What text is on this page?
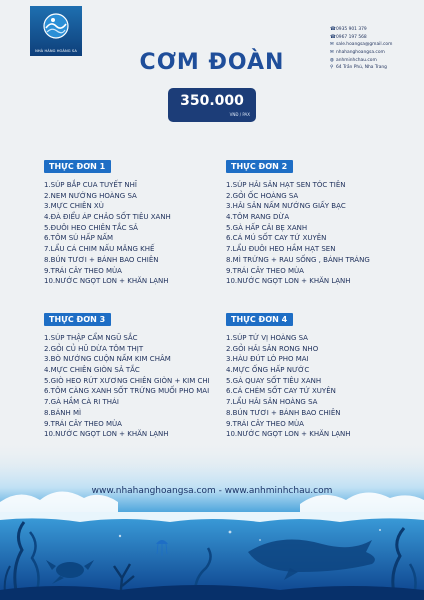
NHÀ HÀNG HOÀNG SA
☎ 0935 901 379
☎ 0967 197 568
✉ sale.hoangsa@gmail.com
✉ nhahanghoangsa.com
◍ anhminhchau.com
⚲ 64 Trần Phú, Nha Trang
CƠM ĐOÀN
350.000
VNĐ / PAX
THỰC ĐƠN 1
1.SÚP BẮP CUA TUYẾT NHĨ
2.NEM NƯỚNG HOÀNG SA
3.MỰC CHIÊN XÙ
4.ĐÀ ĐIỂU ÁP CHẢO SỐT TIÊU XANH
5.ĐUÔI HEO CHIÊN TẮC SẢ
6.TÔM SÚ HẤP NẤM
7.LẨU CÁ CHIM NẤU MĂNG KHẾ
8.BÚN TƯƠI + BÁNH BAO CHIÊN
9.TRÁI CÂY THEO MÙA
10.NƯỚC NGỌT LON + KHĂN LẠNH
THỰC ĐƠN 2
1.SÚP HẢI SẢN HẠT SEN TÓC TIÊN
2.GỎI ỐC HOÀNG SA
3.HẢI SẢN NẤM NƯỚNG GIẤY BẠC
4.TÔM RANG DỪA
5.GÀ HẤP CẢI BẸ XANH
6.CÁ MÚ SỐT CAY TỨ XUYÊN
7.LẨU ĐUÔI HEO HẦM HẠT SEN
8.MÌ TRỨNG + RAU SỐNG , BÁNH TRÁNG
9.TRÁI CÂY THEO MÙA
10.NƯỚC NGỌT LON + KHĂN LẠNH
THỰC ĐƠN 3
1.SÚP THẬP CẨM NGŨ SẮC
2.GỎI CỦ HŨ DỪA TÔM THỊT
3.BÒ NƯỚNG CUỘN NẤM KIM CHÂM
4.MỰC CHIÊN GIÒN SẢ TẮC
5.GIÒ HEO RÚT XƯƠNG CHIÊN GIÒN + KIM CHI
6.TÔM CÀNG XANH SỐT TRỨNG MUỐI PHO MAI
7.GÀ HẦM CÀ RI THÁI
8.BÁNH MÌ
9.TRÁI CÂY THEO MÙA
10.NƯỚC NGỌT LON + KHĂN LẠNH
THỰC ĐƠN 4
1.SÚP TỨ VỊ HOÀNG SA
2.GỎI HẢI SẢN RONG NHO
3.HÀU ĐÚT LÒ PHO MAI
4.MỰC ỐNG HẤP NƯỚC
5.GÀ QUAY SỐT TIÊU XANH
6.CÁ CHÉM SỐT CAY TỨ XUYÊN
7.LẨU HẢI SẢN HOÀNG SA
8.BÚN TƯƠI + BÁNH BAO CHIÊN
9.TRÁI CÂY THEO MÙA
10.NƯỚC NGỌT LON + KHĂN LẠNH
www.nhahanghoangsa.com - www.anhminhchau.com
